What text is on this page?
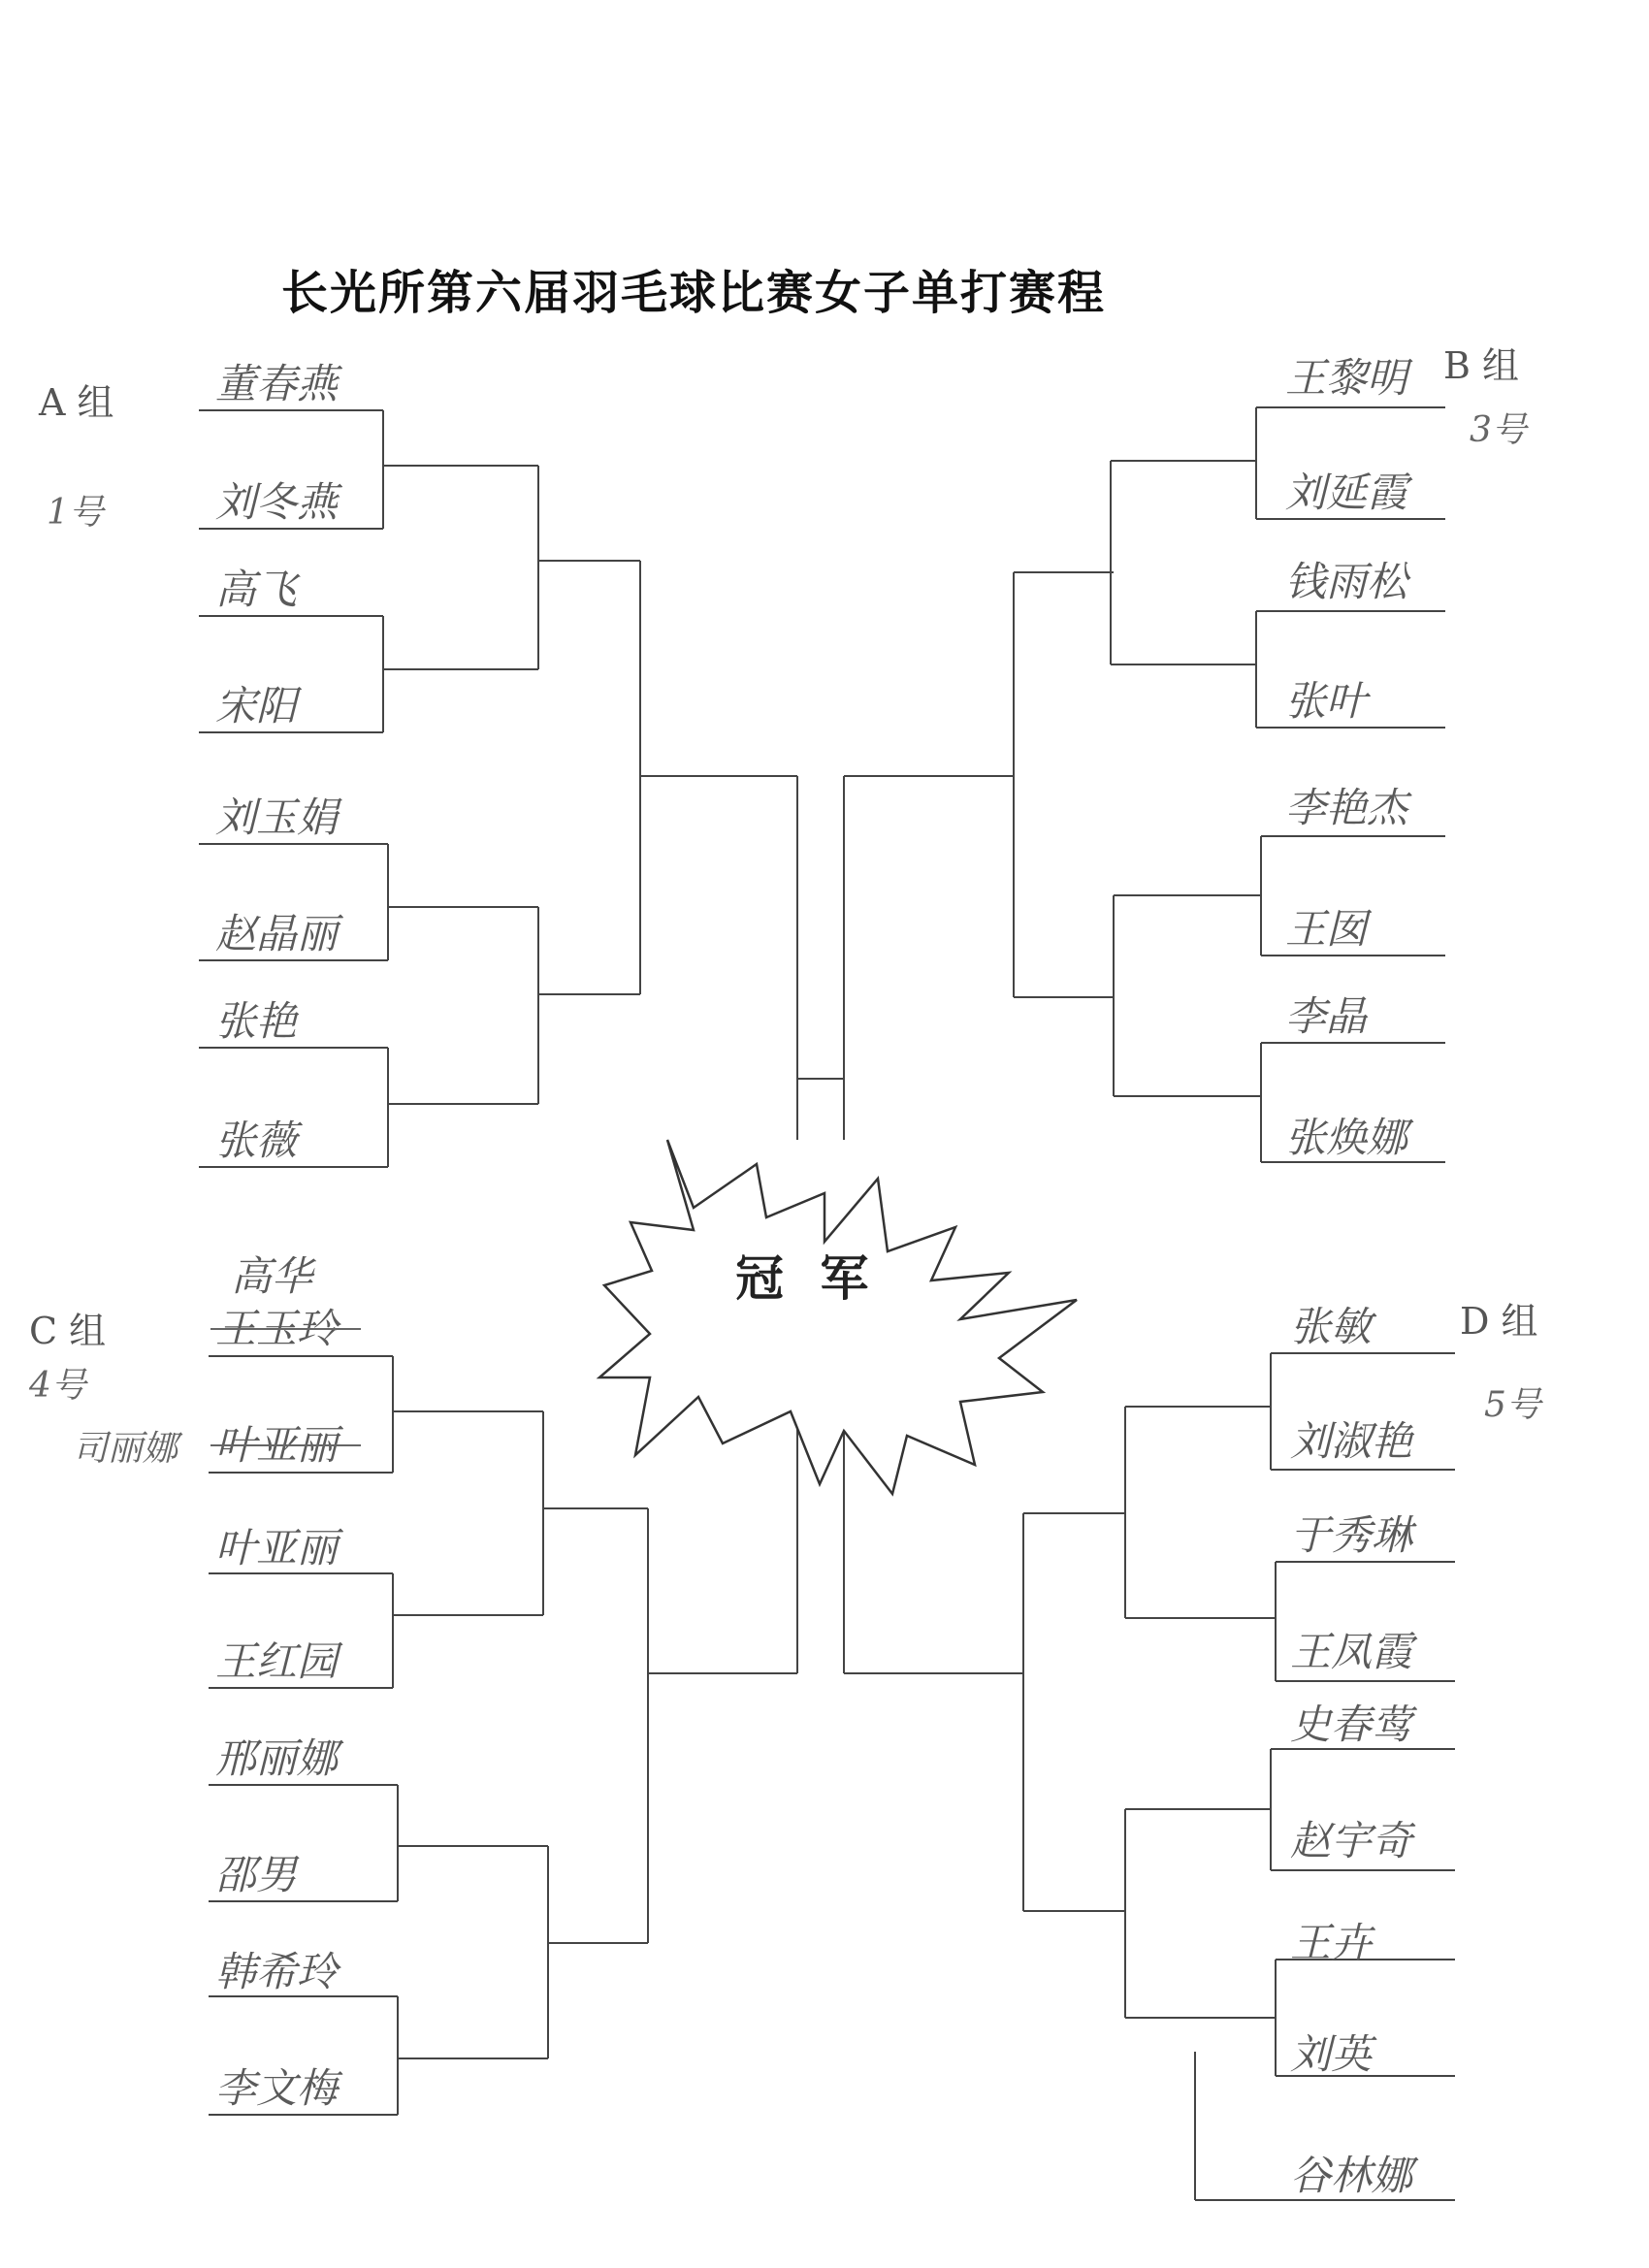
长光所第六届羽毛球比赛女子单打赛程
A 组
1号
B 组
3号
C 组
4号
司丽娜
高华
D 组
5号
冠 军
董春燕
刘冬燕
高飞
宋阳
刘玉娟
赵晶丽
张艳
张薇
王黎明
刘延霞
钱雨松
张叶
李艳杰
王囡
李晶
张焕娜
王玉玲
叶亚丽
叶亚丽
王红园
邢丽娜
邵男
韩希玲
李文梅
张敏
刘淑艳
于秀琳
王凤霞
史春莺
赵宇奇
王卉
刘英
谷林娜
